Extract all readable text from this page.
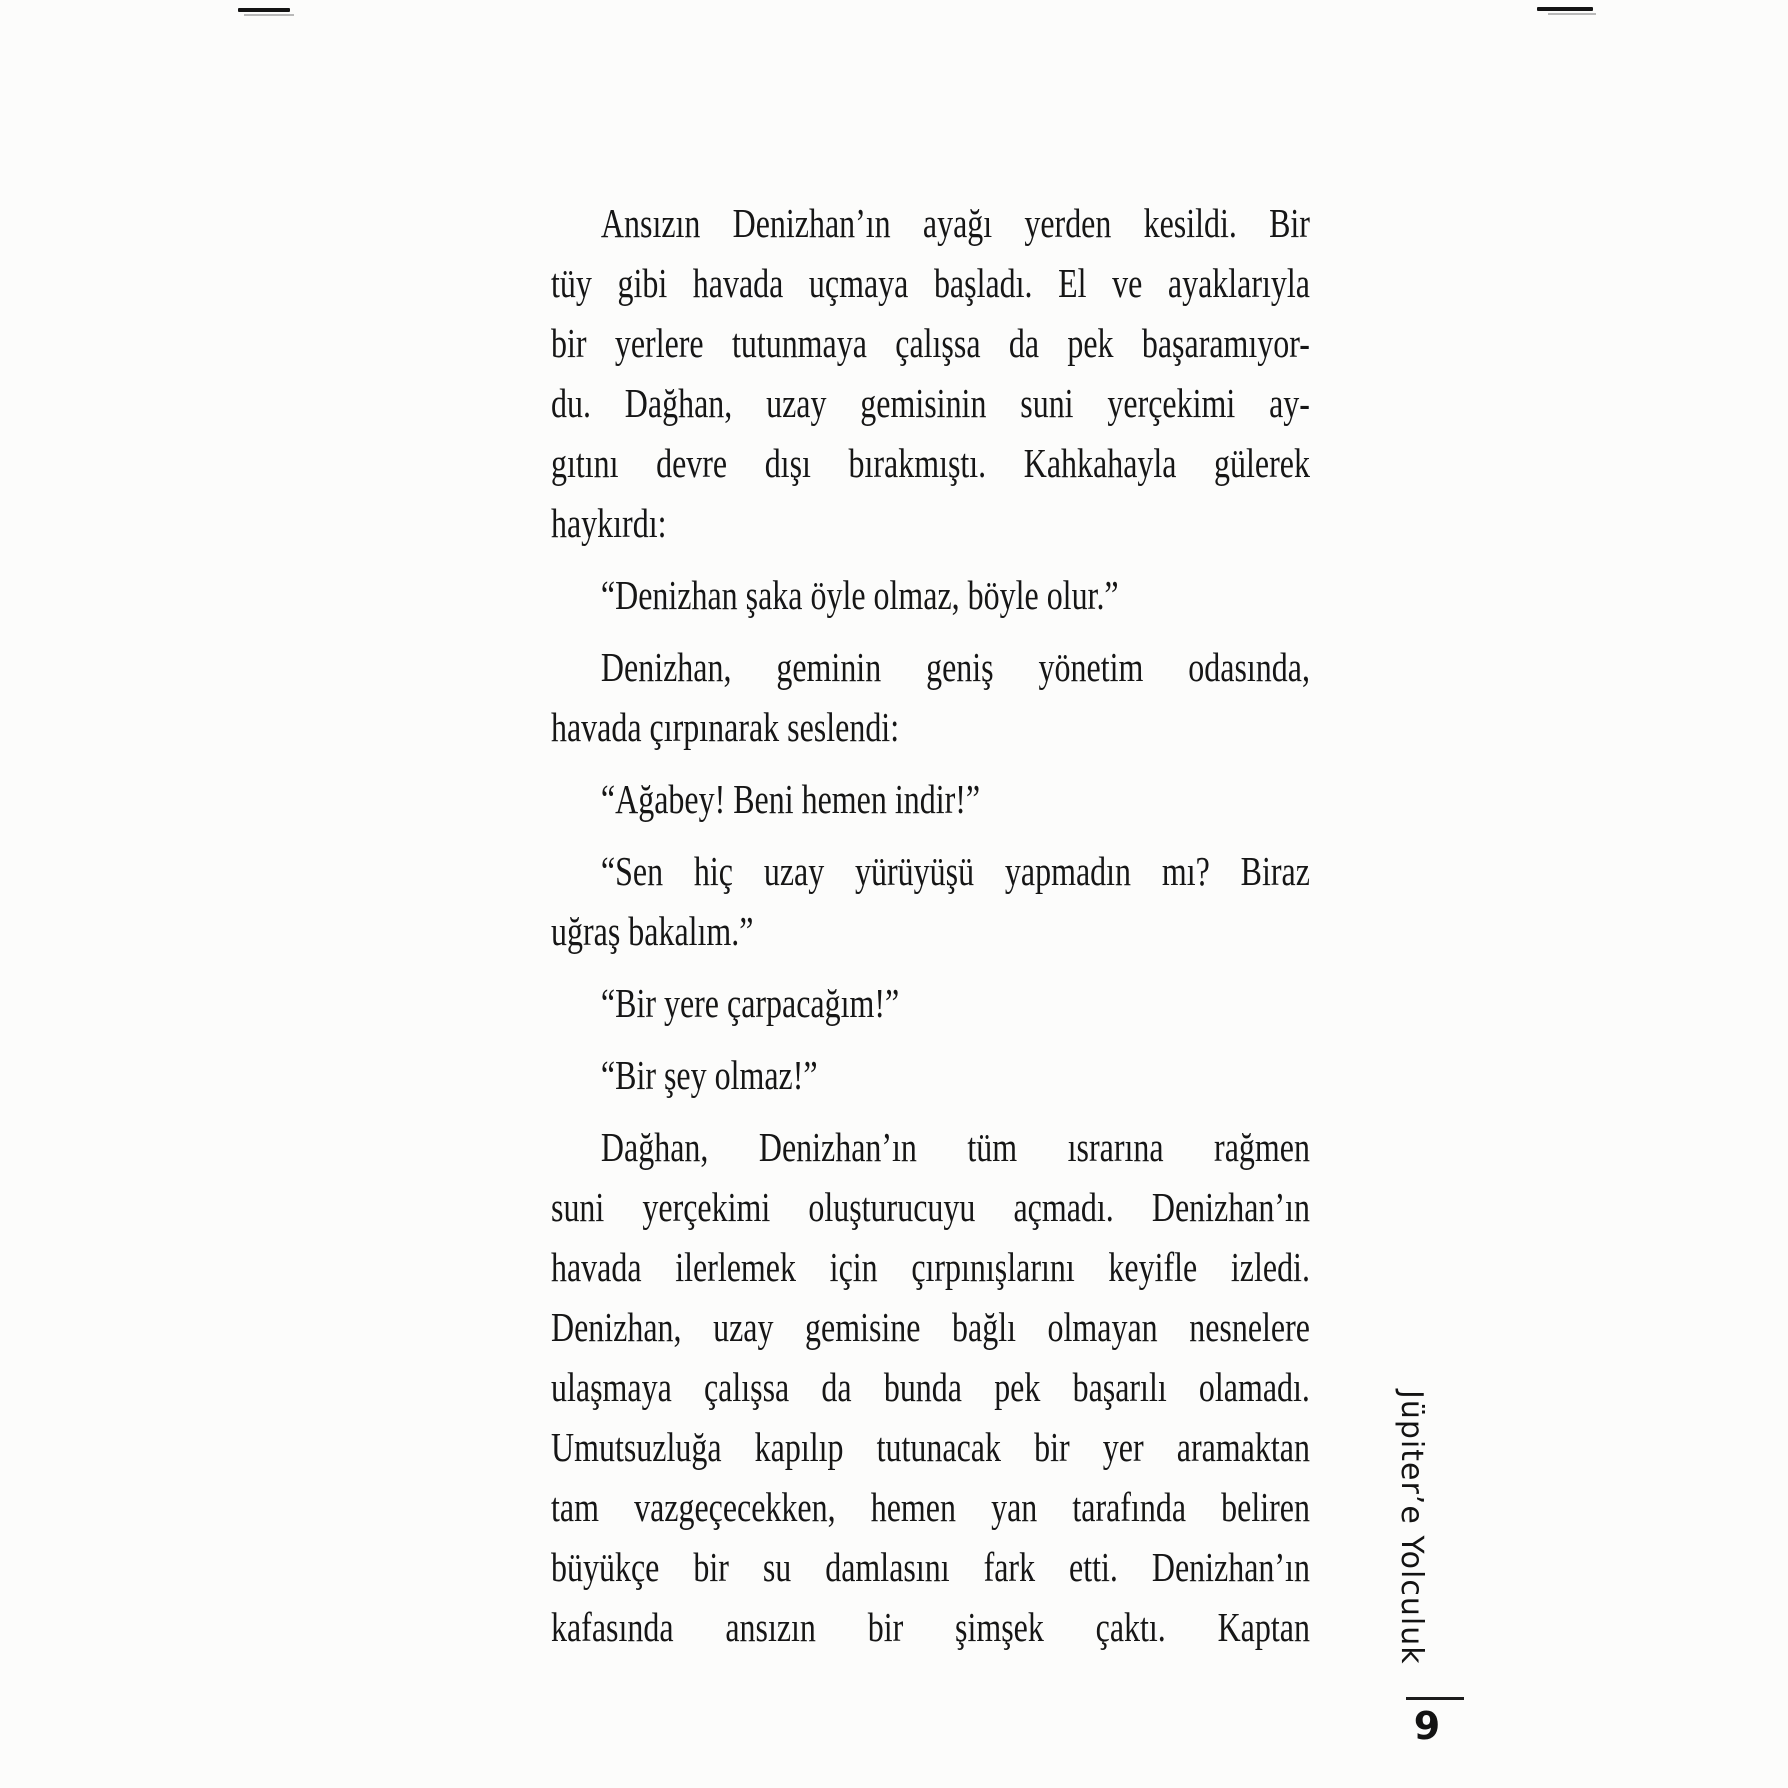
Ansızın Denizhan’ın ayağı yerden kesildi. Bir
tüy gibi havada uçmaya başladı. El ve ayaklarıyla
bir yerlere tutunmaya çalışsa da pek başaramıyor-
du. Dağhan, uzay gemisinin suni yerçekimi ay-
gıtını devre dışı bırakmıştı. Kahkahayla gülerek
haykırdı:
“Denizhan şaka öyle olmaz, böyle olur.”
Denizhan, geminin geniş yönetim odasında,
havada çırpınarak seslendi:
“Ağabey! Beni hemen indir!”
“Sen hiç uzay yürüyüşü yapmadın mı? Biraz
uğraş bakalım.”
“Bir yere çarpacağım!”
“Bir şey olmaz!”
Dağhan, Denizhan’ın tüm ısrarına rağmen
suni yerçekimi oluşturucuyu açmadı. Denizhan’ın
havada ilerlemek için çırpınışlarını keyifle izledi.
Denizhan, uzay gemisine bağlı olmayan nesnelere
ulaşmaya çalışsa da bunda pek başarılı olamadı.
Umutsuzluğa kapılıp tutunacak bir yer aramaktan
tam vazgeçecekken, hemen yan tarafında beliren
büyükçe bir su damlasını fark etti. Denizhan’ın
kafasında ansızın bir şimşek çaktı. Kaptan	Jüpiter’e Yolculuk
9
